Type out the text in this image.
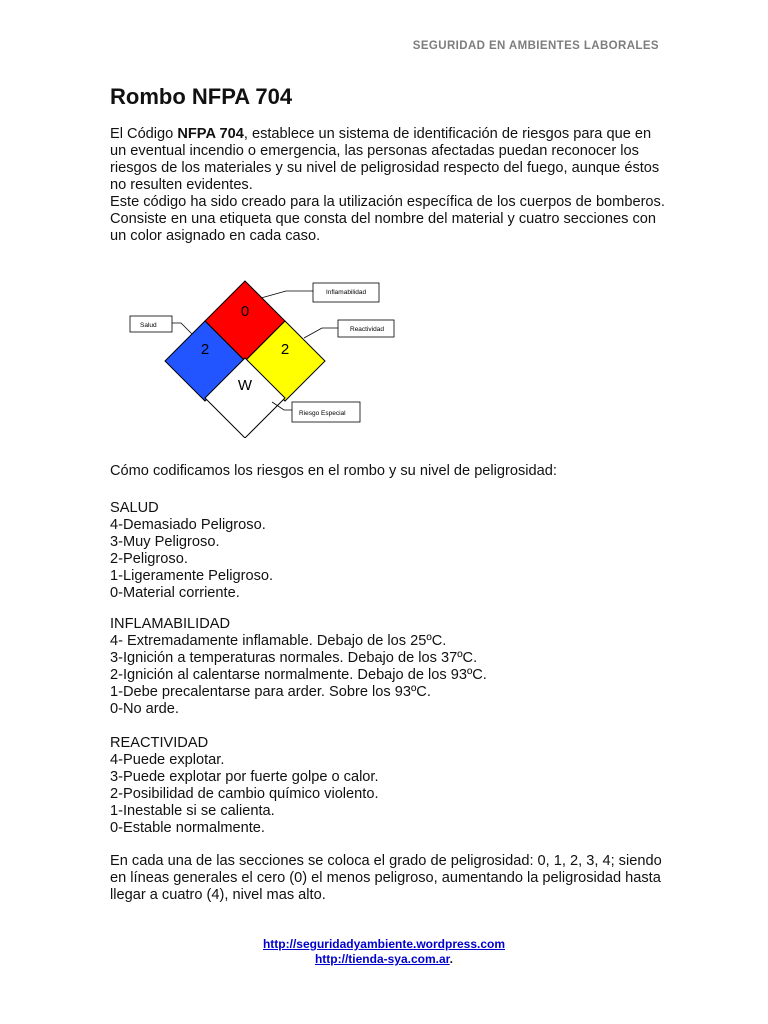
SEGURIDAD EN AMBIENTES LABORALES
Rombo NFPA 704

El Código NFPA 704, establece un sistema de identificación de riesgos para que en un eventual incendio o emergencia, las personas afectadas puedan reconocer los riesgos de los materiales y su nivel de peligrosidad respecto del fuego, aunque éstos no resulten evidentes.

Este código ha sido creado para la utilización específica de los cuerpos de bomberos. Consiste en una etiqueta que consta del nombre del material y cuatro secciones con un color asignado en cada caso.

0
2	2
W
Inflamabilidad
Salud
Reactividad
Riesgo Especial
Cómo codificamos los riesgos en el rombo y su nivel de peligrosidad:
SALUD
4-Demasiado Peligroso.
3-Muy Peligroso.
2-Peligroso.
1-Ligeramente Peligroso.
0-Material corriente.
INFLAMABILIDAD
4- Extremadamente inflamable. Debajo de los 25ºC.
3-Ignición a temperaturas normales. Debajo de los 37ºC.
2-Ignición al calentarse normalmente. Debajo de los 93ºC.
1-Debe precalentarse para arder. Sobre los 93ºC.
0-No arde.
REACTIVIDAD
4-Puede explotar.
3-Puede explotar por fuerte golpe o calor.
2-Posibilidad de cambio químico violento.
1-Inestable si se calienta.
0-Estable normalmente.
En cada una de las secciones se coloca el grado de peligrosidad: 0, 1, 2, 3, 4; siendo en líneas generales el cero (0) el menos peligroso, aumentando la peligrosidad hasta llegar a cuatro (4), nivel mas alto.
http://seguridadyambiente.wordpress.com
http://tienda-sya.com.ar.
